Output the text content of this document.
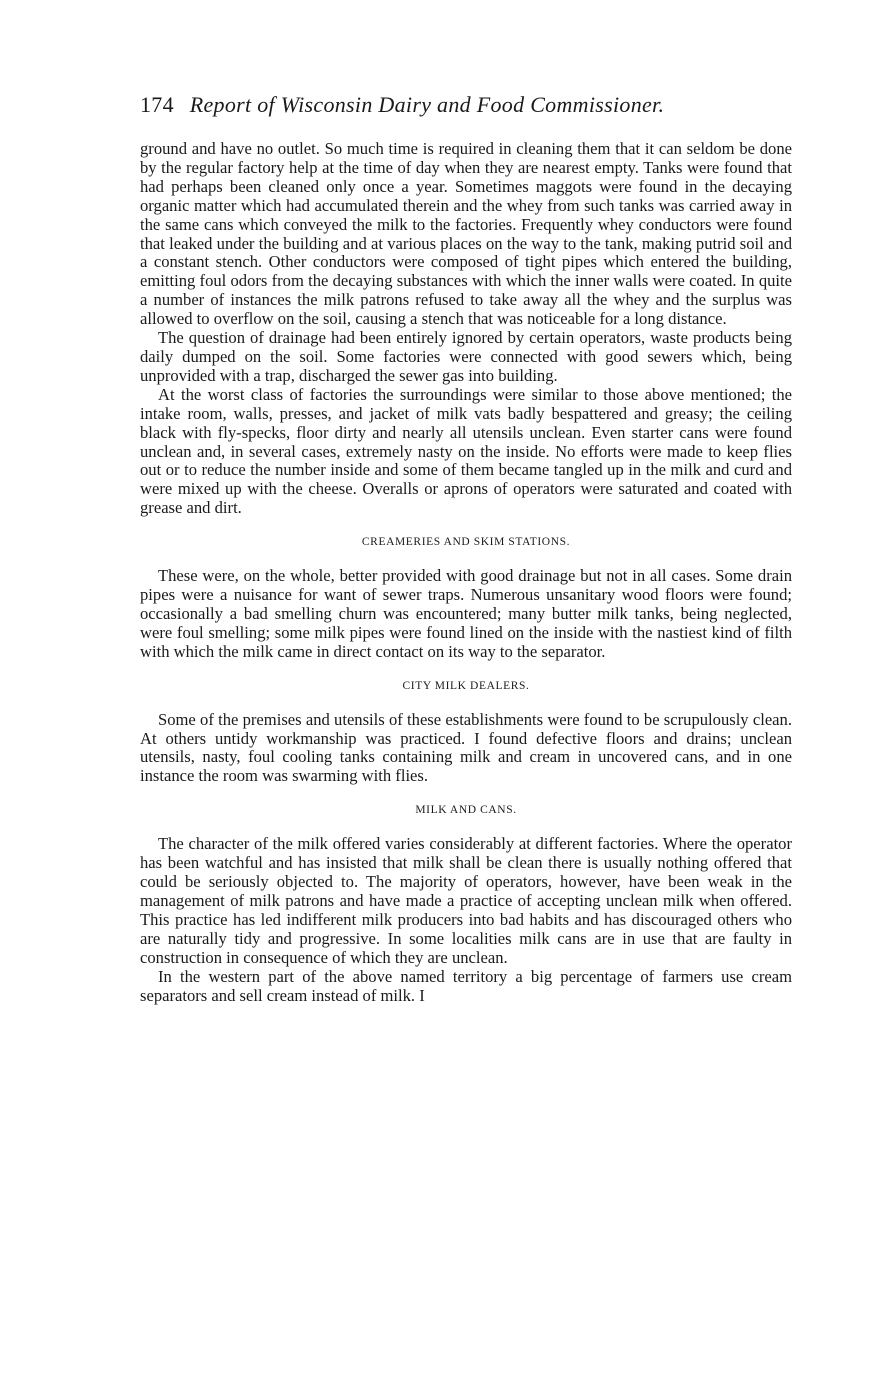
174 Report of Wisconsin Dairy and Food Commissioner.

ground and have no outlet. So much time is required in cleaning them that it can seldom be done by the regular factory help at the time of day when they are nearest empty. Tanks were found that had perhaps been cleaned only once a year. Sometimes maggots were found in the decaying organic matter which had accumulated therein and the whey from such tanks was carried away in the same cans which conveyed the milk to the factories. Frequently whey conductors were found that leaked under the building and at various places on the way to the tank, making putrid soil and a constant stench. Other conductors were composed of tight pipes which entered the building, emitting foul odors from the decaying substances with which the inner walls were coated. In quite a number of instances the milk patrons refused to take away all the whey and the surplus was allowed to overflow on the soil, causing a stench that was noticeable for a long distance.

The question of drainage had been entirely ignored by certain operators, waste products being daily dumped on the soil. Some factories were connected with good sewers which, being unprovided with a trap, discharged the sewer gas into building.

At the worst class of factories the surroundings were similar to those above mentioned; the intake room, walls, presses, and jacket of milk vats badly bespattered and greasy; the ceiling black with fly-specks, floor dirty and nearly all utensils unclean. Even starter cans were found unclean and, in several cases, extremely nasty on the inside. No efforts were made to keep flies out or to reduce the number inside and some of them became tangled up in the milk and curd and were mixed up with the cheese. Overalls or aprons of operators were saturated and coated with grease and dirt.

CREAMERIES AND SKIM STATIONS.

These were, on the whole, better provided with good drainage but not in all cases. Some drain pipes were a nuisance for want of sewer traps. Numerous unsanitary wood floors were found; occasionally a bad smelling churn was encountered; many butter milk tanks, being neglected, were foul smelling; some milk pipes were found lined on the inside with the nastiest kind of filth with which the milk came in direct contact on its way to the separator.

CITY MILK DEALERS.

Some of the premises and utensils of these establishments were found to be scrupulously clean. At others untidy workmanship was practiced. I found defective floors and drains; unclean utensils, nasty, foul cooling tanks containing milk and cream in uncovered cans, and in one instance the room was swarming with flies.

MILK AND CANS.

The character of the milk offered varies considerably at different factories. Where the operator has been watchful and has insisted that milk shall be clean there is usually nothing offered that could be seriously objected to. The majority of operators, however, have been weak in the management of milk patrons and have made a practice of accepting unclean milk when offered. This practice has led indifferent milk producers into bad habits and has discouraged others who are naturally tidy and progressive. In some localities milk cans are in use that are faulty in construction in consequence of which they are unclean.

In the western part of the above named territory a big percentage of farmers use cream separators and sell cream instead of milk. I
